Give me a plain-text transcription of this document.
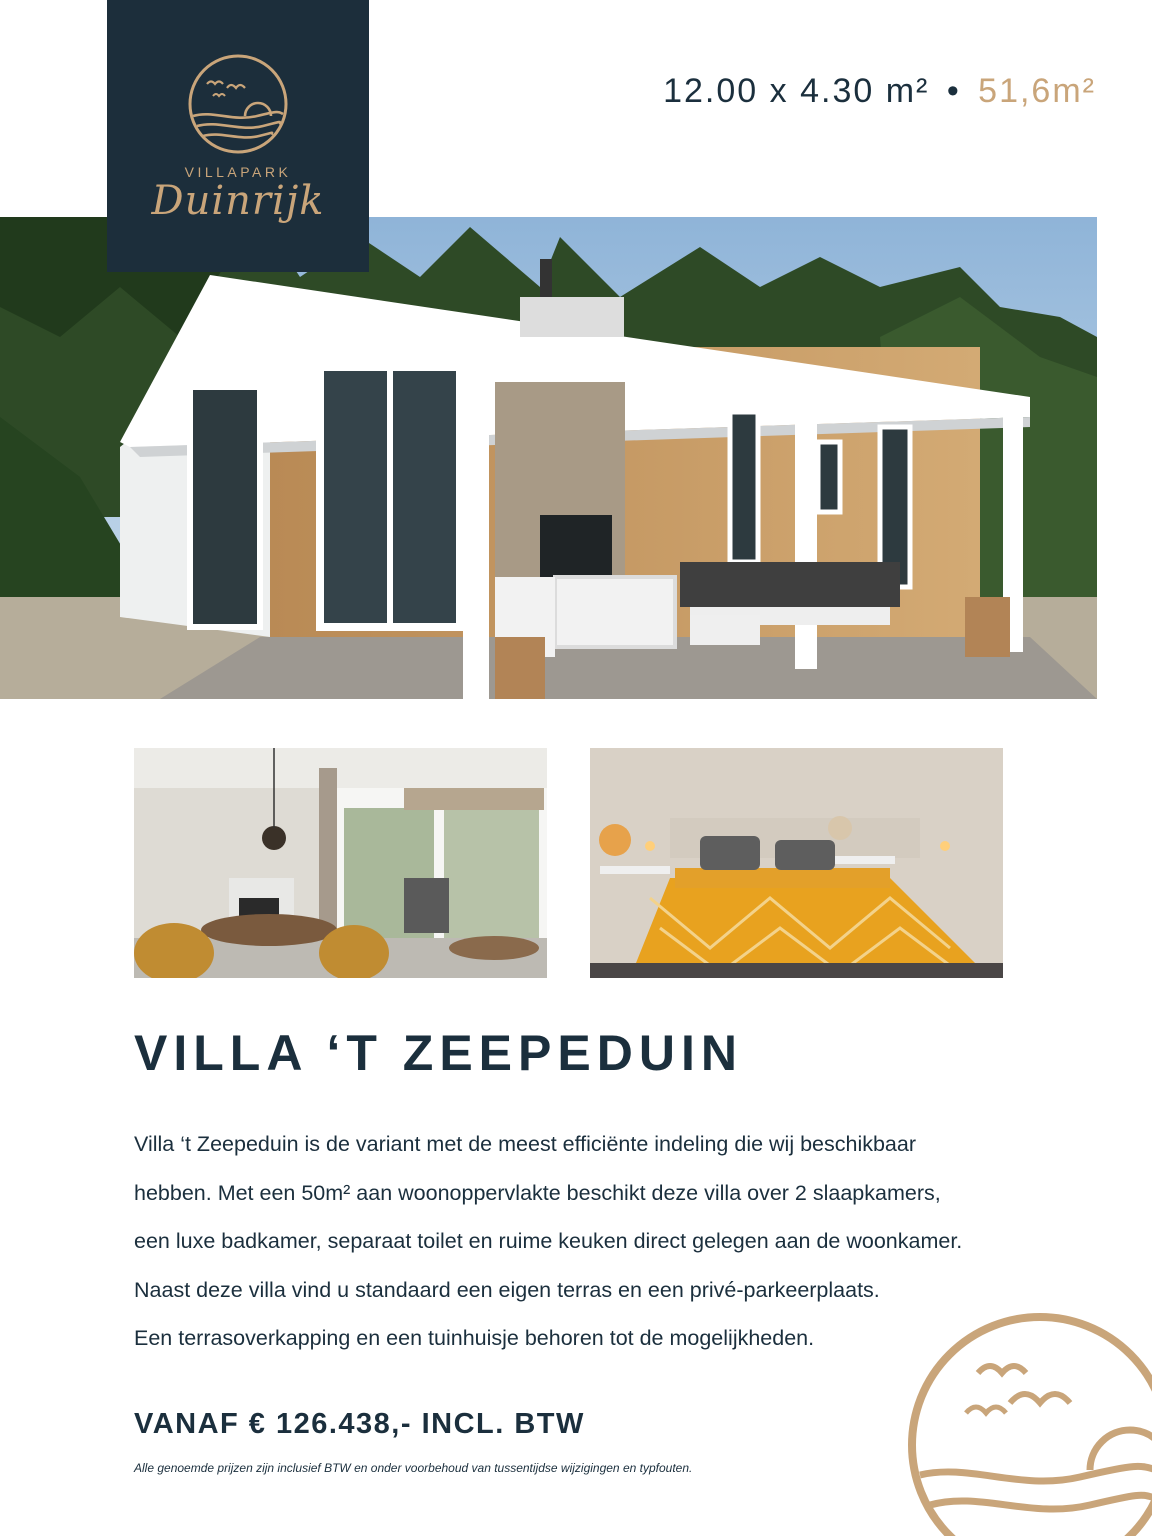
VILLAPARK
Duinrijk
12.00 x 4.30 m² • 51,6m²
VILLA ‘T ZEEPEDUIN

Villa ‘t Zeepeduin is de variant met de meest efficiënte indeling die wij beschikbaar

hebben. Met een 50m² aan woonoppervlakte beschikt deze villa over 2 slaapkamers,

een luxe badkamer, separaat toilet en ruime keuken direct gelegen aan de woonkamer.

Naast deze villa vind u standaard een eigen terras en een privé-parkeerplaats.

Een terrasoverkapping en een tuinhuisje behoren tot de mogelijkheden.

VANAF € 126.438,- INCL. BTW
Alle genoemde prijzen zijn inclusief BTW en onder voorbehoud van tussentijdse wijzigingen en typfouten.
